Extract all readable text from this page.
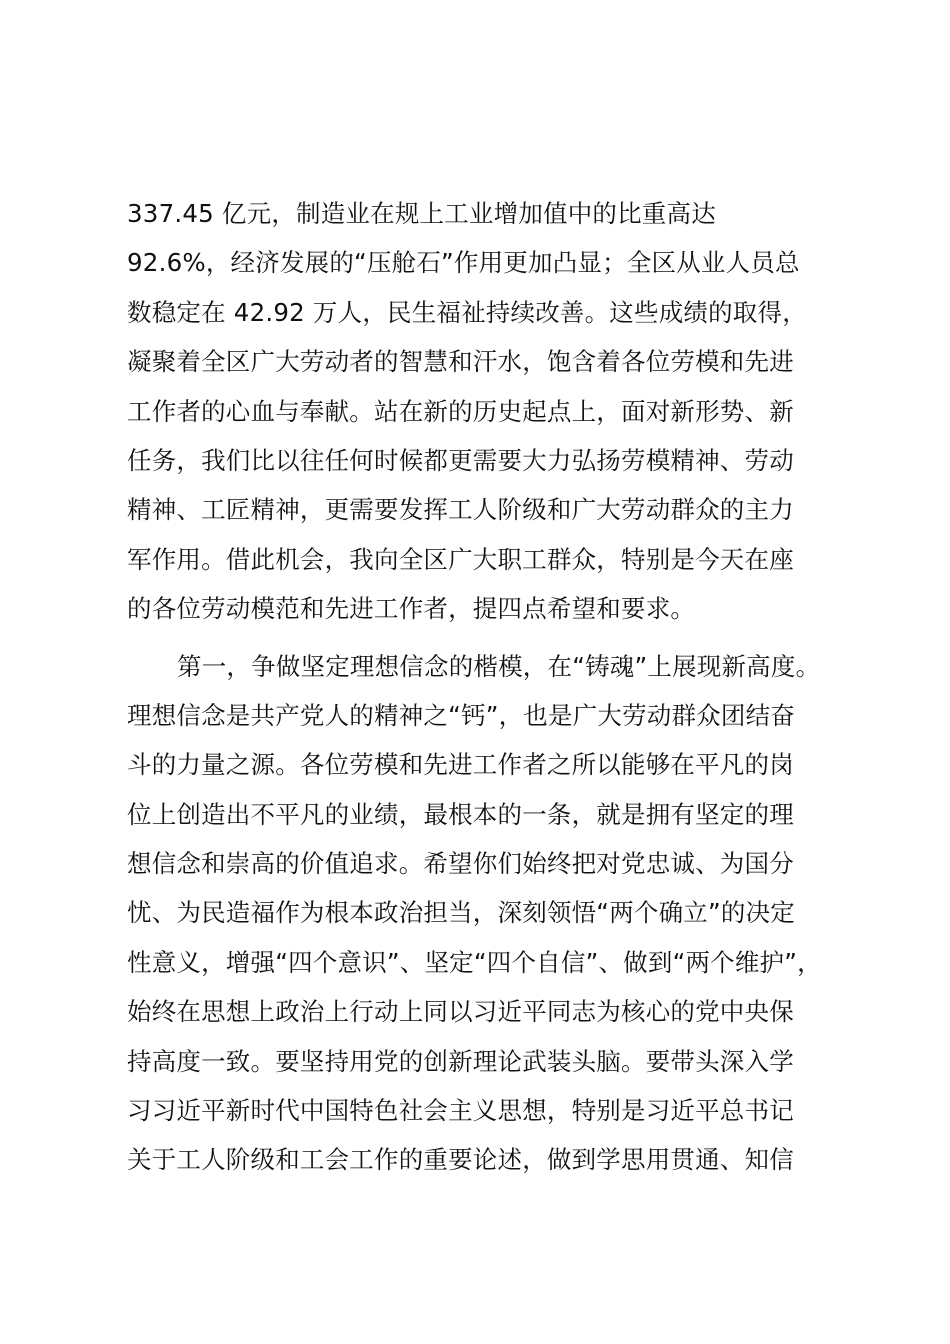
337.45 亿元，制造业在规上工业增加值中的比重高达
92.6%，经济发展的“压舱石”作用更加凸显；全区从业人员总
数稳定在 42.92 万人，民生福祉持续改善。这些成绩的取得，
凝聚着全区广大劳动者的智慧和汗水，饱含着各位劳模和先进
工作者的心血与奉献。站在新的历史起点上，面对新形势、新
任务，我们比以往任何时候都更需要大力弘扬劳模精神、劳动
精神、工匠精神，更需要发挥工人阶级和广大劳动群众的主力
军作用。借此机会，我向全区广大职工群众，特别是今天在座
的各位劳动模范和先进工作者，提四点希望和要求。
第一，争做坚定理想信念的楷模，在“铸魂”上展现新高度。
理想信念是共产党人的精神之“钙”，也是广大劳动群众团结奋
斗的力量之源。各位劳模和先进工作者之所以能够在平凡的岗
位上创造出不平凡的业绩，最根本的一条，就是拥有坚定的理
想信念和崇高的价值追求。希望你们始终把对党忠诚、为国分
忧、为民造福作为根本政治担当，深刻领悟“两个确立”的决定
性意义，增强“四个意识”、坚定“四个自信”、做到“两个维护”，
始终在思想上政治上行动上同以习近平同志为核心的党中央保
持高度一致。要坚持用党的创新理论武装头脑。要带头深入学
习习近平新时代中国特色社会主义思想，特别是习近平总书记
关于工人阶级和工会工作的重要论述，做到学思用贯通、知信
